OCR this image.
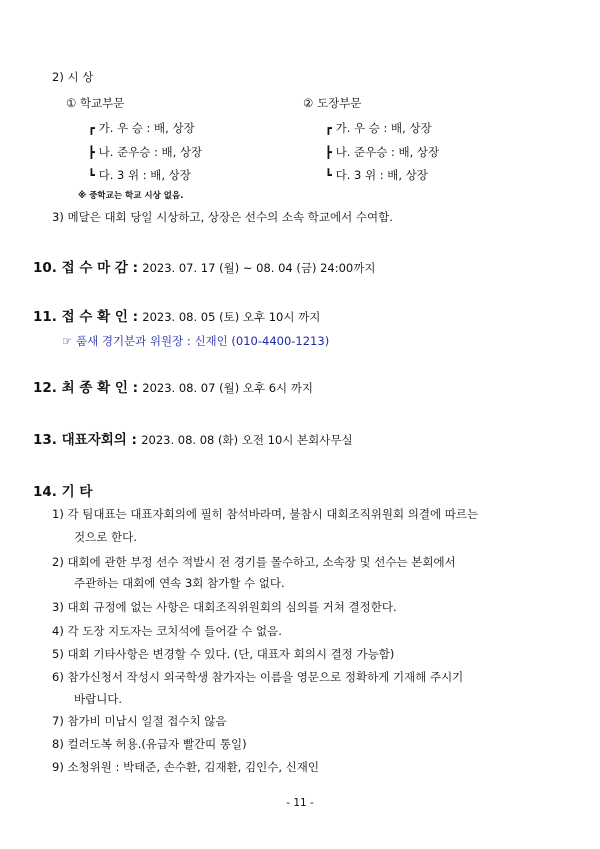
2) 시 상
① 학교부문	② 도장부문
┏ 가. 우 승 : 배, 상장
┣ 나. 준우승 : 배, 상장
┗ 다. 3 위 : 배, 상장
┏ 가. 우 승 : 배, 상장
┣ 나. 준우승 : 배, 상장
┗ 다. 3 위 : 배, 상장
※ 중학교는 학교 시상 없음.
3) 메달은 대회 당일 시상하고, 상장은 선수의 소속 학교에서 수여함.
10. 접 수 마 감 : 2023. 07. 17 (월) ~ 08. 04 (금) 24:00까지
11. 접 수 확 인 : 2023. 08. 05 (토) 오후 10시 까지
☞ 품새 경기분과 위원장 : 신재인 (010-4400-1213)
12. 최 종 확 인 : 2023. 08. 07 (월) 오후 6시 까지
13. 대표자회의 : 2023. 08. 08 (화) 오전 10시 본회사무실
14. 기 타
1) 각 팀대표는 대표자회의에 필히 참석바라며, 불참시 대회조직위원회 의결에 따르는
것으로 한다.
2) 대회에 관한 부정 선수 적발시 전 경기를 몰수하고, 소속장 및 선수는 본회에서
주관하는 대회에 연속 3회 참가할 수 없다.
3) 대회 규정에 없는 사항은 대회조직위원회의 심의를 거쳐 결정한다.
4) 각 도장 지도자는 코치석에 들어갈 수 없음.
5) 대회 기타사항은 변경할 수 있다. (단, 대표자 회의시 결정 가능함)
6) 참가신청서 작성시 외국학생 참가자는 이름을 영문으로 정확하게 기재해 주시기
바랍니다.
7) 참가비 미납시 일절 접수치 않음
8) 컬러도복 허용.(유급자 빨간띠 통일)
9) 소청위원 : 박태준, 손수환, 김재환, 김인수, 신재인
- 11 -
